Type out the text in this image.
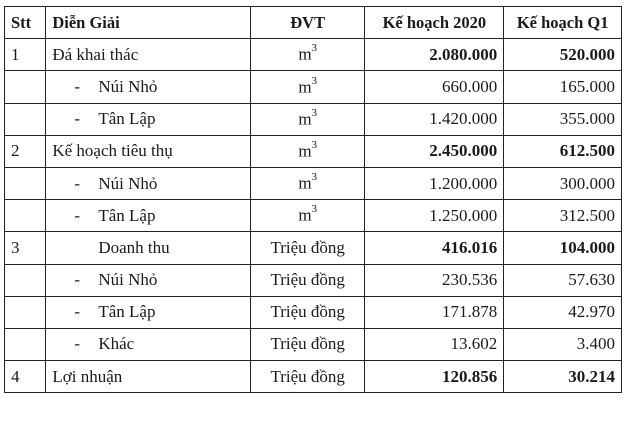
Stt	Diễn Giải	ĐVT	Kế hoạch 2020	Kế hoạch Q1
1	Đá khai thác	$m^3$	2.080.000	520.000
	- Núi Nhỏ	$m^3$	660.000	165.000
	- Tân Lập	$m^3$	1.420.000	355.000
2	Kế hoạch tiêu thụ	$m^3$	2.450.000	612.500
	- Núi Nhỏ	$m^3$	1.200.000	300.000
	- Tân Lập	$m^3$	1.250.000	312.500
3	Doanh thu	Triệu đồng	416.016	104.000
	- Núi Nhỏ	Triệu đồng	230.536	57.630
	- Tân Lập	Triệu đồng	171.878	42.970
	- Khác	Triệu đồng	13.602	3.400
4	Lợi nhuận	Triệu đồng	120.856	30.214
